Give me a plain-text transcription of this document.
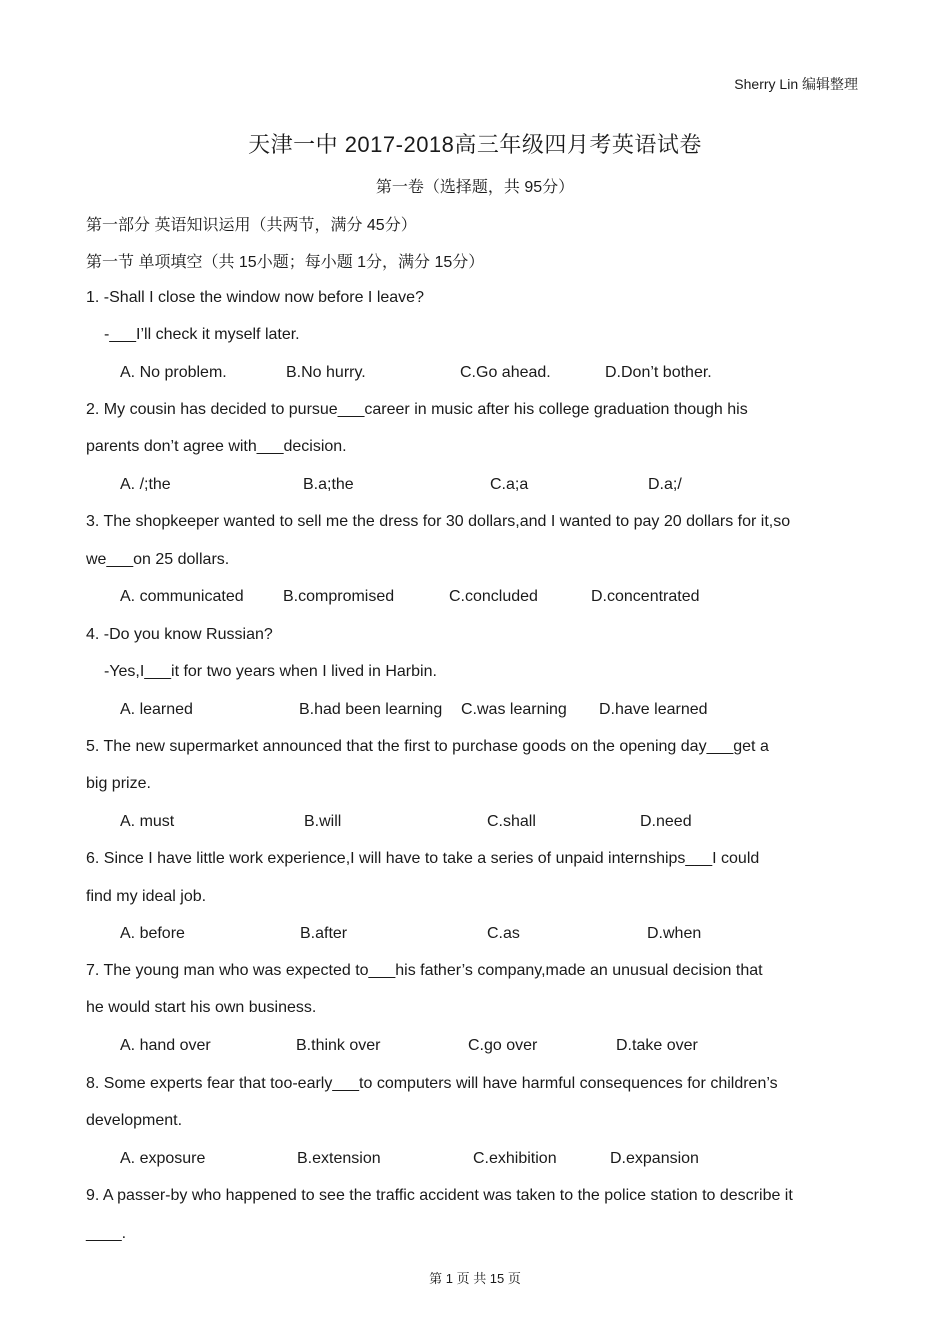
Sherry Lin 编辑整理
天津一中 2017-2018高三年级四月考英语试卷
第一卷（选择题，共 95分）
第一部分 英语知识运用（共两节，满分 45分）
第一节 单项填空（共 15小题；每小题 1分，满分 15分）
1. -Shall I close the window now before I leave?
-___I’ll check it myself later.
A. No problem.	B.No hurry.	C.Go ahead.	D.Don’t bother.
2. My cousin has decided to pursue___career in music after his college graduation though his
parents don’t agree with___decision.
A. /;the	B.a;the	C.a;a	D.a;/
3. The shopkeeper wanted to sell me the dress for 30 dollars,and I wanted to pay 20 dollars for it,so
we___on 25 dollars.
A. communicated B.compromised	C.concluded	D.concentrated
4. -Do you know Russian?
-Yes,I___it for two years when I lived in Harbin.
A. learned	B.had been learning C.was learning D.have learned
5. The new supermarket announced that the first to purchase goods on the opening day___get a
big prize.
A. must	B.will	C.shall	D.need
6. Since I have little work experience,I will have to take a series of unpaid internships___I could
find my ideal job.
A. before	B.after	C.as	D.when
7. The young man who was expected to___his father’s company,made an unusual decision that
he would start his own business.
A. hand over	B.think over	C.go over	D.take over
8. Some experts fear that too-early___to computers will have harmful consequences for children’s
development.
A. exposure	B.extension	C.exhibition	D.expansion
9. A passer-by who happened to see the traffic accident was taken to the police station to describe it
____.
第 1 页 共 15 页
